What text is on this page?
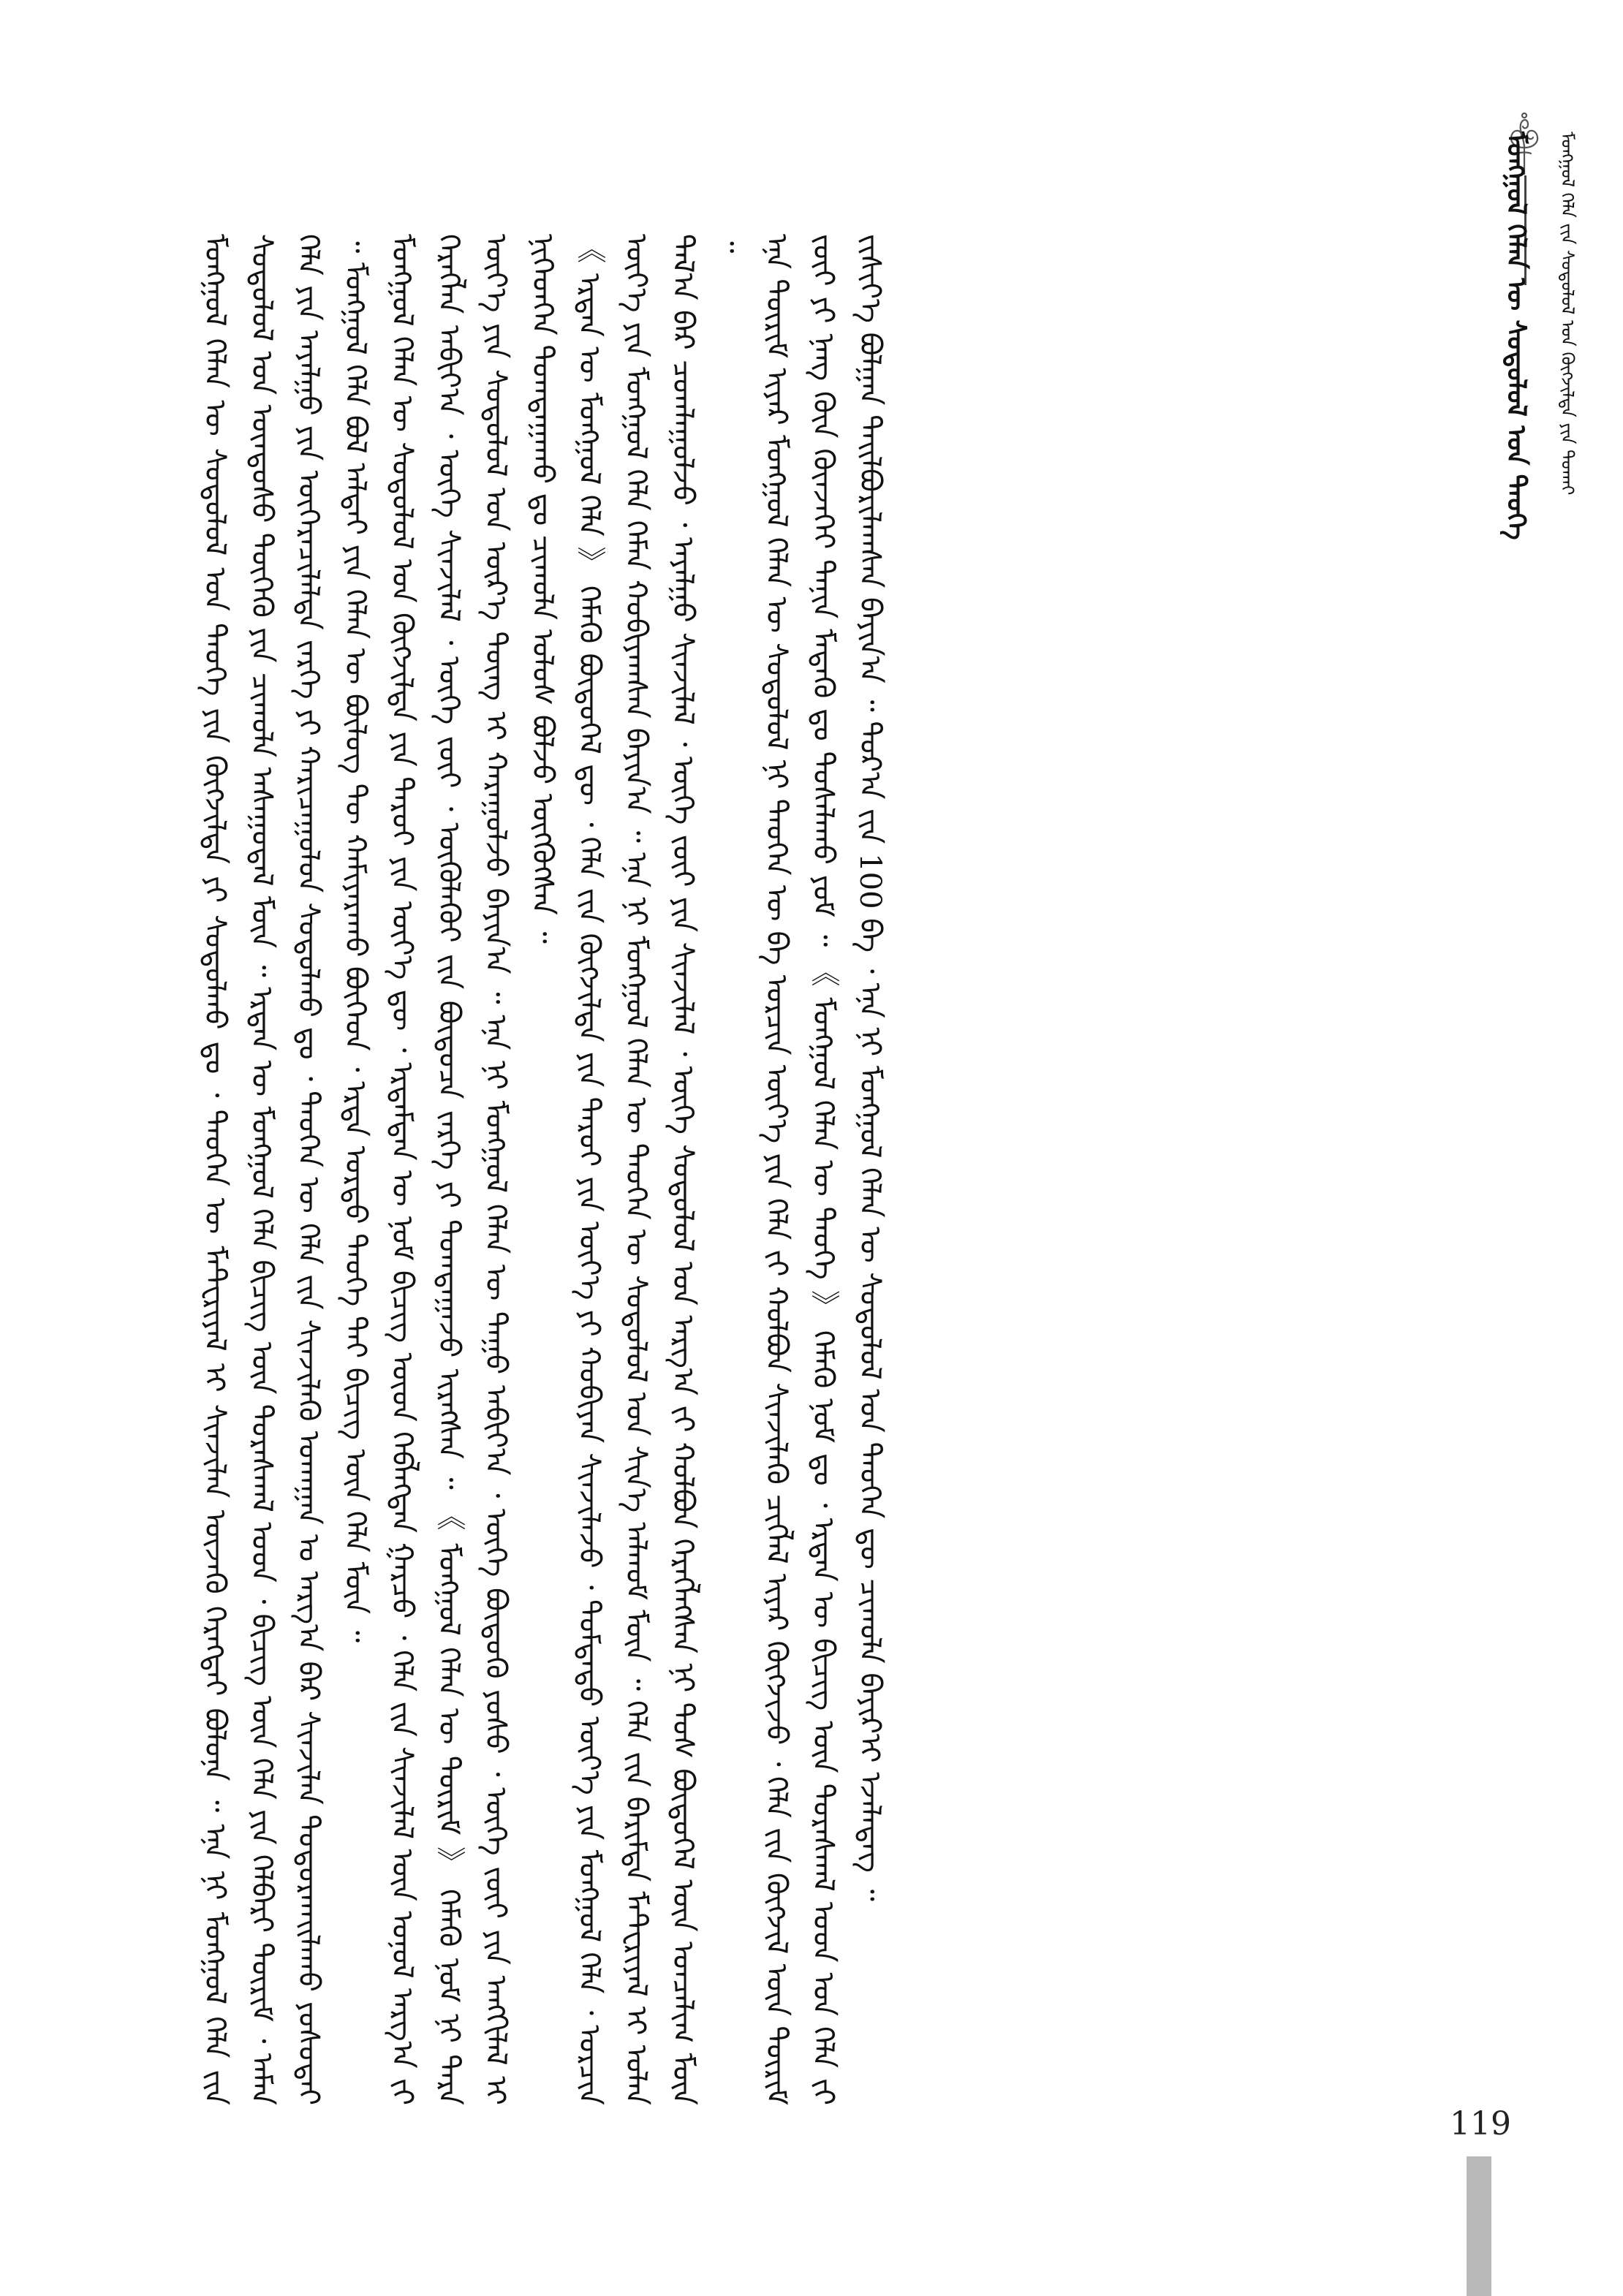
ᠮᠣᠩᠭᠣᠯ ᠬᠡᠯᠡᠨ ᠦ ᠰᠤᠳᠤᠯᠤᠯ ᠤᠨ ᠲᠡᠦᠬᠡ	ᠮᠣᠩᠭᠣᠯ ᠬᠡᠯᠡ ᠵᠢᠨ ᠰᠤᠳᠤᠯᠤᠯ ᠤᠨ ᠬᠥᠭᠵᠢᠯᠲᠡ ᠶᠢᠨ ᠲᠤᠬᠠᠢ

ᠮᠣᠩᠭᠣᠯ ᠬᠡᠯᠡᠨ ᠦ ᠰᠤᠳᠤᠯᠤᠯ ᠤᠨ ᠲᠡᠦᠬᠡ ᠶᠢᠨ ᠬᠥᠭᠵᠢᠯᠲᠡ ᠶᠢ ᠰᠤᠳᠤᠯᠬᠤ ᠳᠤ ᠂ ᠲᠡᠦᠬᠡᠨ ᠦ ᠮᠠᠲ᠋ᠧᠷᠢᠶᠠᠯ ᠢ ᠰᠢᠨᠵᠢᠯᠡᠨ ᠦᠵᠡᠬᠦ ᠬᠡᠷᠡᠭᠲᠡᠢ ᠪᠣᠯᠤᠨᠠ ᠃ ᠡᠨᠡ ᠨᠢ ᠮᠣᠩᠭᠣᠯ ᠬᠡᠯᠡ ᠵᠢᠨ ᠰᠤᠳᠤᠯᠤᠯ ᠤᠨ ᠦᠨᠳᠦᠰᠦ ᠲᠥᠭᠡᠬᠦ ᠶᠢᠨ ᠴᠢᠬᠤᠯᠠ ᠠᠰᠠᠭᠤᠳᠠᠯ ᠮᠥᠨ ᠃ ᠡᠷᠲᠡᠨ ᠦ ᠮᠣᠩᠭᠣᠯ ᠬᠡᠯᠡ ᠪᠢᠴᠢᠭ ᠦᠨ ᠳᠤᠷᠠᠰᠬᠠᠯ ᠤᠳ ᠂ ᠪᠢᠴᠢᠭ ᠦᠨ ᠬᠡᠯᠡ ᠶᠢᠨ ᠬᠡᠯᠪᠡᠷᠢ ᠳᠦᠷᠢᠮ ᠂ ᠠᠮᠠᠨ ᠬᠡᠯᠡ ᠶᠢᠨ ᠠᠶᠠᠯᠭᠤ ᠶᠢᠨ ᠥᠭᠡᠷᠡᠴᠢᠯᠡᠯᠲᠡ ᠵᠡᠷᠭᠡ ᠶᠢ ᠬᠠᠷᠢᠴᠠᠭᠤᠯᠤᠨ ᠰᠤᠳᠤᠯᠬᠤ ᠳᠤ ᠂ ᠲᠡᠦᠬᠡᠨ ᠦ ᠬᠡᠯᠡ ᠵᠢᠨ ᠰᠢᠨᠵᠢᠯᠡᠬᠦ ᠤᠬᠠᠭᠠᠨ ᠤ ᠠᠷᠭ᠎ᠠ ᠪᠠᠷ ᠰᠢᠨᠵᠢᠯᠡᠨ ᠲᠣᠳᠣᠷᠬᠠᠢᠯᠠᠬᠤ ᠶᠣᠰᠣᠲᠠᠢ ᠃ ᠮᠣᠩᠭᠣᠯ ᠬᠡᠯᠡ ᠪᠣᠯ ᠠᠯᠲᠠᠢ ᠶᠢᠨ ᠬᠡᠯᠡᠨ ᠦ ᠪᠦᠯᠦᠭ ᠲᠦ ᠬᠠᠮᠢᠶᠠᠷᠠᠬᠤ ᠪᠥᠭᠡᠳ ᠂ ᠡᠷᠲᠡ ᠤᠷᠲᠤ ᠲᠡᠦᠬᠡ ᠲᠠᠢ ᠪᠢᠴᠢᠭ ᠦᠨ ᠬᠡᠯᠡ ᠮᠥᠨ ᠃ ᠮᠣᠩᠭᠣᠯ ᠬᠡᠯᠡᠨ ᠦ ᠰᠤᠳᠤᠯᠤᠯ ᠤᠨ ᠬᠥᠭᠵᠢᠯᠲᠡ ᠶᠢᠨ ᠳᠠᠷᠤᠢ ᠶᠢᠨ ᠦᠶ᠎ᠡ ᠳᠦ ᠂ ᠡᠷᠳᠡᠮᠲᠡᠨ ᠦ ᠨᠣᠮ ᠪᠢᠴᠢᠭ ᠦᠳ ᠬᠡᠪᠯᠡᠭᠳᠡᠨ ᠭᠠᠷᠴᠤ ᠂ ᠬᠡᠯᠡ ᠵᠢᠨ ᠰᠢᠨᠵᠢᠯᠡᠯ ᠦᠨ ᠣᠨᠣᠯ ᠠᠷᠭ᠎ᠠ ᠵᠢ ᠬᠡᠷᠡᠭᠯᠡᠨ ᠠᠪᠢᠶ᠎ᠠ ᠂ ᠦᠭᠡ ᠰᠢᠨᠵᠢᠯᠡᠯ ᠂ ᠦᠭᠡ ᠵᠦᠢ ᠂ ᠦᠭᠦᠯᠡᠬᠦᠢ ᠵᠢᠨ ᠪᠦᠲᠦᠴᠡ ᠵᠡᠷᠭᠡ ᠶᠢ ᠲᠣᠭᠲᠠᠭᠠᠵᠤ ᠢᠷᠡᠭᠰᠡᠨ ᠃ 《 ᠮᠣᠩᠭᠣᠯ ᠬᠡᠯᠡᠨ ᠦ ᠳᠦᠷᠢᠮ 》 ᠬᠡᠮᠡᠬᠦ ᠨᠣᠮ ᠨᠢ ᠲᠡᠷᠡ ᠦᠶ᠎ᠡ ᠶᠢᠨ ᠰᠤᠳᠤᠯᠤᠯ ᠤᠨ ᠦᠷ᠎ᠡ ᠳᠦᠩ ᠢ ᠬᠠᠷᠠᠭᠤᠯᠵᠤ ᠪᠠᠶᠢᠨ᠎ᠠ ᠃ ᠡᠨᠡ ᠨᠢ ᠮᠣᠩᠭᠣᠯ ᠬᠡᠯᠡᠨ ᠦ ᠳᠠᠭᠤ ᠠᠪᠢᠶ᠎ᠠ ᠂ ᠦᠭᠡ ᠪᠦᠲᠦᠬᠦ ᠶᠣᠰᠣ ᠂ ᠦᠭᠡ ᠵᠦᠢ ᠶᠢᠨ ᠠᠩᠭᠢᠯᠠᠯ ᠢ ᠨᠢᠭᠡᠳᠬᠡᠨ ᠲᠣᠭᠲᠠᠭᠠᠬᠤ ᠳᠤ ᠴᠢᠬᠤᠯᠠ ᠤᠯᠤᠰ ᠪᠣᠯᠵᠤ ᠥᠭᠬᠦᠭᠰᠡᠨ ᠃ 《 ᠡᠷᠲᠡᠨ ᠦ ᠮᠣᠩᠭᠣᠯ ᠬᠡᠯᠡ 》 ᠬᠡᠮᠡᠬᠦ ᠪᠦᠲᠦᠭᠡᠯ ᠳᠦ ᠂ ᠬᠡᠯᠡ ᠵᠢᠨ ᠬᠥᠭᠵᠢᠯᠲᠡ ᠶᠢᠨ ᠳᠠᠷᠤᠢ ᠶᠢᠨ ᠦᠶ᠎ᠡ ᠶᠢ ᠬᠤᠪᠢᠶᠠᠨ ᠰᠢᠨᠵᠢᠯᠡᠵᠦ ᠂ ᠳᠤᠮᠳᠠᠳᠤ ᠦᠶ᠎ᠡ ᠶᠢᠨ ᠮᠣᠩᠭᠣᠯ ᠬᠡᠯᠡ ᠂ ᠣᠷᠴᠢᠨ ᠦᠶ᠎ᠡ ᠶᠢᠨ ᠮᠣᠩᠭᠣᠯ ᠬᠡᠯᠡ ᠬᠡᠮᠡᠨ ᠬᠤᠪᠢᠶᠠᠭᠰᠠᠨ ᠪᠠᠶᠢᠨ᠎ᠠ ᠃ ᠡᠨᠡ ᠨᠢ ᠮᠣᠩᠭᠣᠯ ᠬᠡᠯᠡᠨ ᠦ ᠲᠡᠦᠬᠡᠨ ᠦ ᠰᠤᠳᠤᠯᠤᠯ ᠤᠨ ᠰᠢᠨ᠎ᠡ ᠠᠯᠬᠤᠮ ᠮᠥᠨ ᠃ ᠬᠡᠯᠡ ᠵᠢᠨ ᠪᠠᠷᠢᠮᠲᠠ ᠮᠠᠲ᠋ᠧᠷᠢᠶᠠᠯ ᠢ ᠣᠯᠠᠨ ᠲᠠᠯ᠎ᠠ ᠪᠠᠷ ᠴᠤᠭᠯᠠᠭᠤᠯᠵᠤ ᠂ ᠠᠶᠠᠯᠭᠤ ᠰᠢᠨᠵᠢᠯᠡᠯ ᠂ ᠦᠭᠡ ᠵᠦᠢ ᠶᠢᠨ ᠰᠢᠨᠵᠢᠯᠡᠯ ᠂ ᠦᠭᠡ ᠰᠤᠳᠤᠯᠤᠯ ᠤᠨ ᠠᠷᠭ᠎ᠠ ᠵᠢ ᠬᠣᠯᠪᠣᠨ ᠬᠡᠷᠡᠭᠯᠡᠭᠰᠡᠨ ᠨᠢ ᠲᠤᠰ ᠪᠦᠲᠦᠭᠡᠯ ᠦᠨ ᠣᠨᠴᠠᠯᠢᠭ ᠮᠥᠨ ᠃ ᠡᠨᠡ ᠳᠦᠷᠢᠮ ᠢᠶᠡᠷ ᠮᠣᠩᠭᠣᠯ ᠬᠡᠯᠡᠨ ᠦ ᠰᠤᠳᠤᠯᠤᠯ ᠨᠢ ᠲᠡᠦᠬᠡᠨ ᠦ ᠪᠠ ᠣᠷᠴᠢᠨ ᠦᠶ᠎ᠡ ᠶᠢᠨ ᠬᠡᠯᠡ ᠵᠢ ᠬᠣᠯᠪᠣᠨ ᠰᠢᠨᠵᠢᠯᠡᠬᠦ ᠴᠢᠭᠯᠡᠯ ᠢᠶᠡᠷ ᠬᠥᠭᠵᠢᠵᠦ ᠂ ᠬᠡᠯᠡ ᠵᠢᠨ ᠬᠥᠭᠵᠢᠯ ᠦᠨ ᠳᠦᠷᠢᠮ ᠵᠦᠢ ᠶᠢ ᠨᠡᠩ ᠭᠦᠨ ᠭᠦᠨᠵᠡᠭᠡᠢ ᠲᠠᠨᠢᠨ ᠮᠡᠳᠡᠬᠦ ᠳᠤ ᠲᠤᠰᠠᠯᠠᠬᠤ ᠶᠤᠮ ᠃ 《 ᠮᠣᠩᠭᠣᠯ ᠬᠡᠯᠡᠨ ᠦ ᠲᠡᠦᠬᠡ 》 ᠬᠡᠮᠡᠬᠦ ᠨᠣᠮ ᠳᠤ ᠂ ᠡᠷᠲᠡᠨ ᠦ ᠪᠢᠴᠢᠭ ᠦᠨ ᠳᠤᠷᠠᠰᠬᠠᠯ ᠤᠳ ᠤᠨ ᠬᠡᠯᠡ ᠵᠢ ᠵᠢᠱᠢᠶ᠎ᠡ ᠪᠣᠯᠭᠠᠨ ᠲᠠᠢᠯᠪᠤᠷᠢᠯᠠᠭᠰᠠᠨ ᠪᠠᠶᠢᠨ᠎ᠠ ᠃ ᠳᠤᠷ᠎ᠠ ᠵᠢᠨ 100 ᠪᠠ ᠂ ᠡᠨᠡ ᠨᠢ ᠮᠣᠩᠭᠣᠯ ᠬᠡᠯᠡᠨ ᠦ ᠰᠤᠳᠤᠯᠤᠯ ᠤᠨ ᠲᠡᠦᠬᠡᠨ ᠳᠦ ᠴᠢᠬᠤᠯᠠ ᠪᠠᠶᠢᠷ᠎ᠢ ᠡᠵᠡᠯᠡᠳᠡᠭ ᠃

119
